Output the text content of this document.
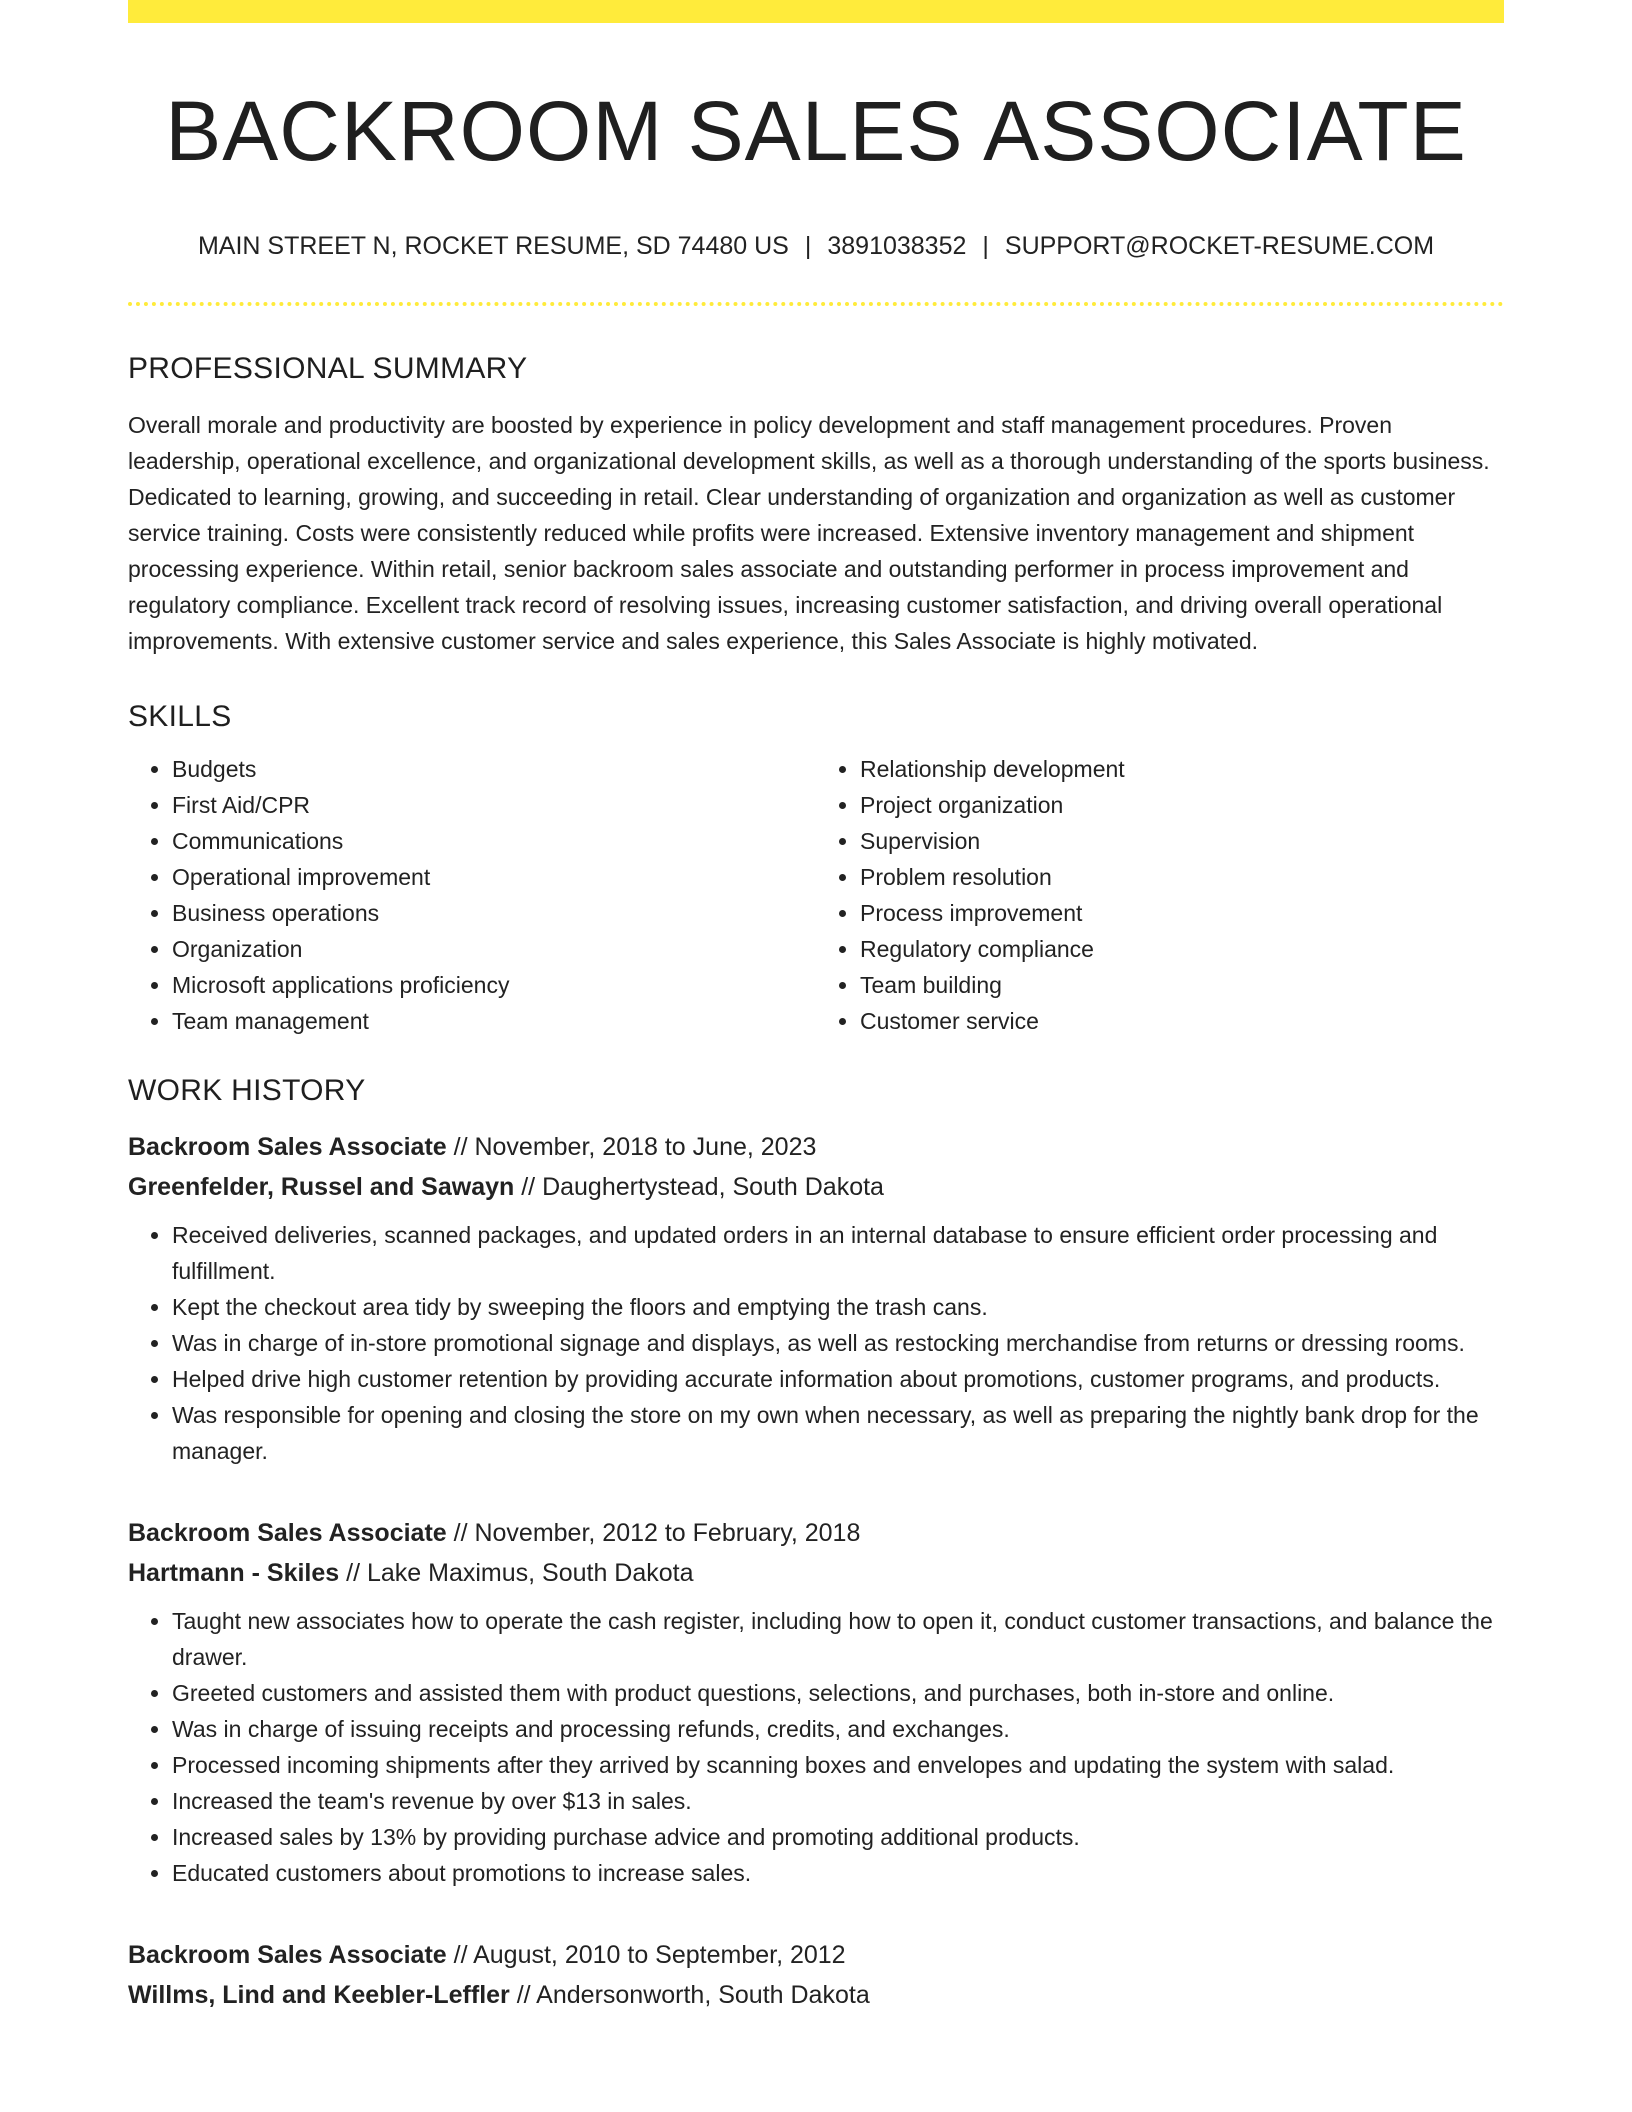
BACKROOM SALES ASSOCIATE
MAIN STREET N, ROCKET RESUME, SD 74480 US | 3891038352 | SUPPORT@ROCKET-RESUME.COM
PROFESSIONAL SUMMARY
Overall morale and productivity are boosted by experience in policy development and staff management procedures. Proven leadership, operational excellence, and organizational development skills, as well as a thorough understanding of the sports business. Dedicated to learning, growing, and succeeding in retail. Clear understanding of organization and organization as well as customer service training. Costs were consistently reduced while profits were increased. Extensive inventory management and shipment processing experience. Within retail, senior backroom sales associate and outstanding performer in process improvement and regulatory compliance. Excellent track record of resolving issues, increasing customer satisfaction, and driving overall operational improvements. With extensive customer service and sales experience, this Sales Associate is highly motivated.
SKILLS
• Budgets
• First Aid/CPR
• Communications
• Operational improvement
• Business operations
• Organization
• Microsoft applications proficiency
• Team management
• Relationship development
• Project organization
• Supervision
• Problem resolution
• Process improvement
• Regulatory compliance
• Team building
• Customer service
WORK HISTORY
Backroom Sales Associate // November, 2018 to June, 2023
Greenfelder, Russel and Sawayn // Daughertystead, South Dakota
• Received deliveries, scanned packages, and updated orders in an internal database to ensure efficient order processing and fulfillment.
• Kept the checkout area tidy by sweeping the floors and emptying the trash cans.
• Was in charge of in-store promotional signage and displays, as well as restocking merchandise from returns or dressing rooms.
• Helped drive high customer retention by providing accurate information about promotions, customer programs, and products.
• Was responsible for opening and closing the store on my own when necessary, as well as preparing the nightly bank drop for the manager.
Backroom Sales Associate // November, 2012 to February, 2018
Hartmann - Skiles // Lake Maximus, South Dakota
• Taught new associates how to operate the cash register, including how to open it, conduct customer transactions, and balance the drawer.
• Greeted customers and assisted them with product questions, selections, and purchases, both in-store and online.
• Was in charge of issuing receipts and processing refunds, credits, and exchanges.
• Processed incoming shipments after they arrived by scanning boxes and envelopes and updating the system with salad.
• Increased the team's revenue by over $13 in sales.
• Increased sales by 13% by providing purchase advice and promoting additional products.
• Educated customers about promotions to increase sales.
Backroom Sales Associate // August, 2010 to September, 2012
Willms, Lind and Keebler-Leffler // Andersonworth, South Dakota
